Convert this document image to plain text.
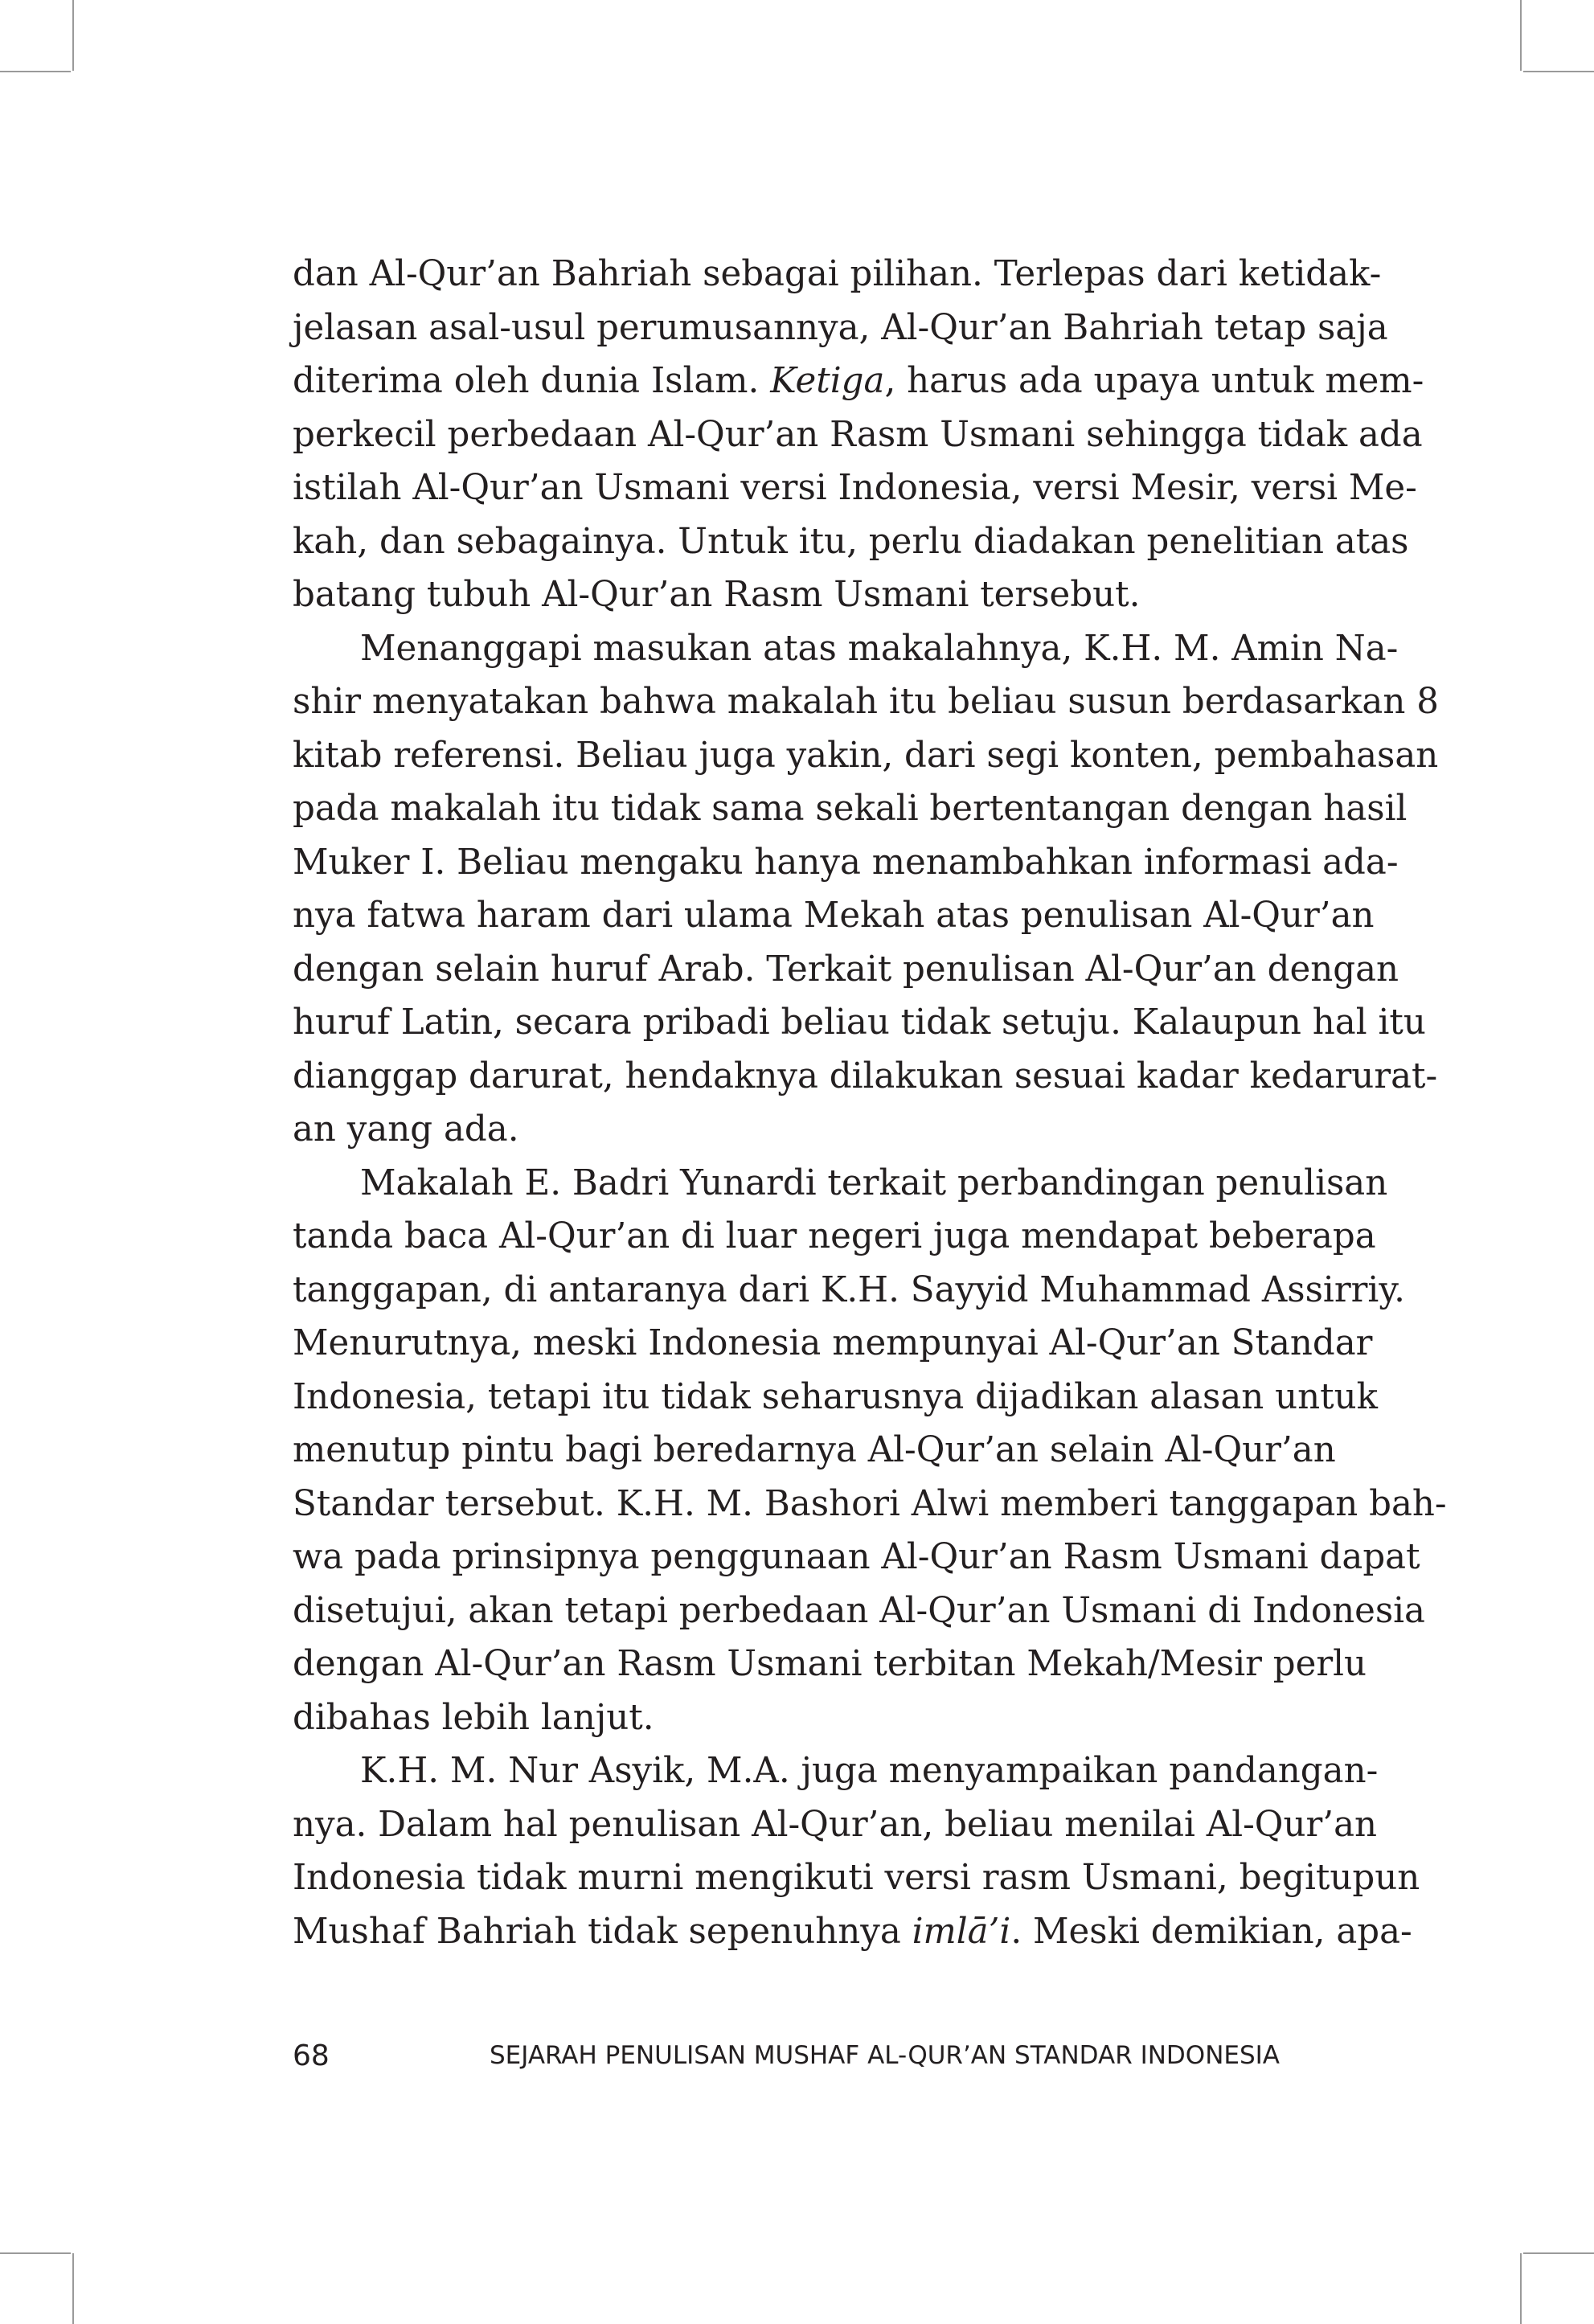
dan Al-Qur’an Bahriah sebagai pilihan. Terlepas dari ketidak-
jelasan asal-usul perumusannya, Al-Qur’an Bahriah tetap saja
diterima oleh dunia Islam. Ketiga, harus ada upaya untuk mem-
perkecil perbedaan Al-Qur’an Rasm Usmani sehingga tidak ada
istilah Al-Qur’an Usmani versi Indonesia, versi Mesir, versi Me-
kah, dan sebagainya. Untuk itu, perlu diadakan penelitian atas
batang tubuh Al-Qur’an Rasm Usmani tersebut.
Menanggapi masukan atas makalahnya, K.H. M. Amin Na-
shir menyatakan bahwa makalah itu beliau susun berdasarkan 8
kitab referensi. Beliau juga yakin, dari segi konten, pembahasan
pada makalah itu tidak sama sekali bertentangan dengan hasil
Muker I. Beliau mengaku hanya menambahkan informasi ada-
nya fatwa haram dari ulama Mekah atas penulisan Al-Qur’an
dengan selain huruf Arab. Terkait penulisan Al-Qur’an dengan
huruf Latin, secara pribadi beliau tidak setuju. Kalaupun hal itu
dianggap darurat, hendaknya dilakukan sesuai kadar kedarurat-
an yang ada.
Makalah E. Badri Yunardi terkait perbandingan penulisan
tanda baca Al-Qur’an di luar negeri juga mendapat beberapa
tanggapan, di antaranya dari K.H. Sayyid Muhammad Assirriy.
Menurutnya, meski Indonesia mempunyai Al-Qur’an Standar
Indonesia, tetapi itu tidak seharusnya dijadikan alasan untuk
menutup pintu bagi beredarnya Al-Qur’an selain Al-Qur’an
Standar tersebut. K.H. M. Bashori Alwi memberi tanggapan bah-
wa pada prinsipnya penggunaan Al-Qur’an Rasm Usmani dapat
disetujui, akan tetapi perbedaan Al-Qur’an Usmani di Indonesia
dengan Al-Qur’an Rasm Usmani terbitan Mekah/Mesir perlu
dibahas lebih lanjut.
K.H. M. Nur Asyik, M.A. juga menyampaikan pandangan-
nya. Dalam hal penulisan Al-Qur’an, beliau menilai Al-Qur’an
Indonesia tidak murni mengikuti versi rasm Usmani, begitupun
Mushaf Bahriah tidak sepenuhnya imlā’i. Meski demikian, apa-
68	SEJARAH PENULISAN MUSHAF AL-QUR’AN STANDAR INDONESIA
